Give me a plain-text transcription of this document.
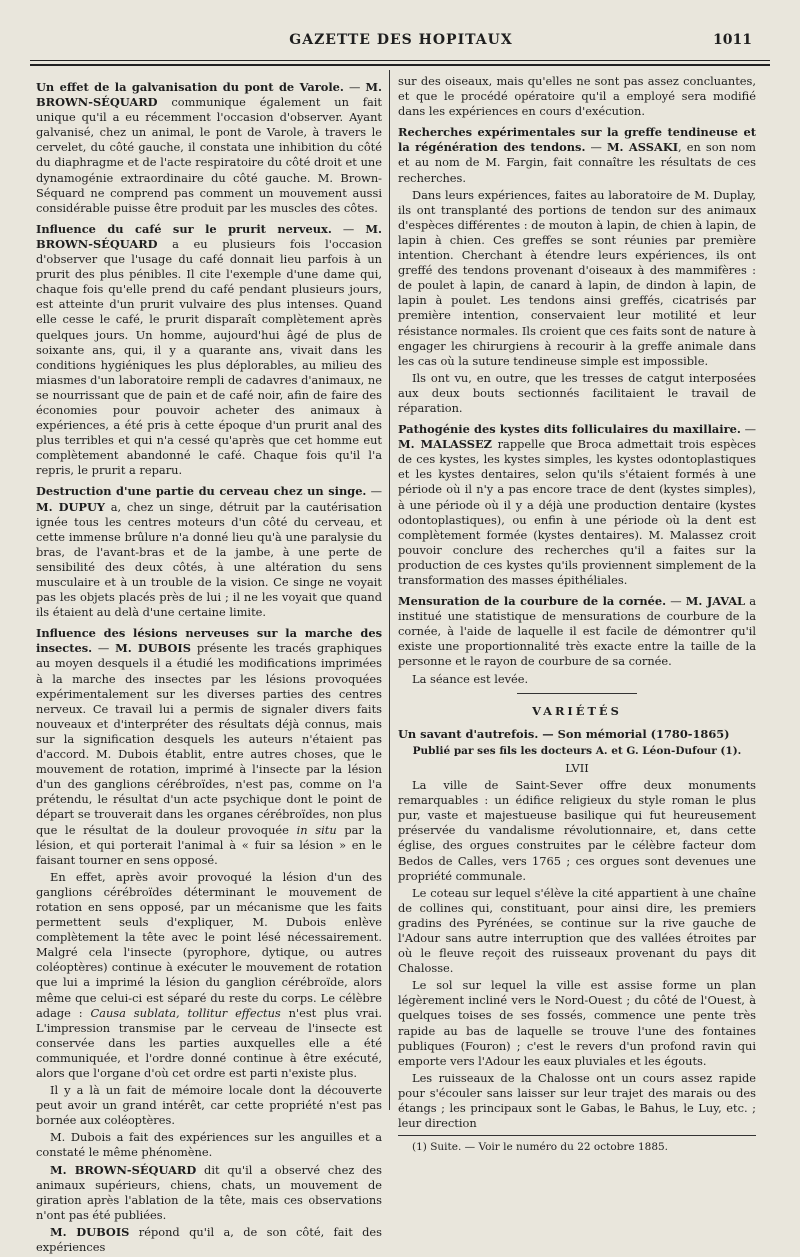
GAZETTE DES HOPITAUX	1011

Un effet de la galvanisation du pont de Varole. — M. BROWN-SÉQUARD communique également un fait unique qu'il a eu récemment l'occasion d'observer. Ayant galvanisé, chez un animal, le pont de Varole, à travers le cervelet, du côté gauche, il constata une inhibition du côté du diaphragme et de l'acte respiratoire du côté droit et une dynamogénie extraordinaire du côté gauche. M. Brown-Séquard ne comprend pas comment un mouvement aussi considérable puisse être produit par les muscles des côtes.

Influence du café sur le prurit nerveux. — M. BROWN-SÉQUARD a eu plusieurs fois l'occasion d'observer que l'usage du café donnait lieu parfois à un prurit des plus pénibles. Il cite l'exemple d'une dame qui, chaque fois qu'elle prend du café pendant plusieurs jours, est atteinte d'un prurit vulvaire des plus intenses. Quand elle cesse le café, le prurit disparaît complètement après quelques jours. Un homme, aujourd'hui âgé de plus de soixante ans, qui, il y a quarante ans, vivait dans les conditions hygiéniques les plus déplorables, au milieu des miasmes d'un laboratoire rempli de cadavres d'animaux, ne se nourrissant que de pain et de café noir, afin de faire des économies pour pouvoir acheter des animaux à expériences, a été pris à cette époque d'un prurit anal des plus terribles et qui n'a cessé qu'après que cet homme eut complètement abandonné le café. Chaque fois qu'il l'a repris, le prurit a reparu.

Destruction d'une partie du cerveau chez un singe. — M. DUPUY a, chez un singe, détruit par la cautérisation ignée tous les centres moteurs d'un côté du cerveau, et cette immense brûlure n'a donné lieu qu'à une paralysie du bras, de l'avant-bras et de la jambe, à une perte de sensibilité des deux côtés, à une altération du sens musculaire et à un trouble de la vision. Ce singe ne voyait pas les objets placés près de lui ; il ne les voyait que quand ils étaient au delà d'une certaine limite.

Influence des lésions nerveuses sur la marche des insectes. — M. DUBOIS présente les tracés graphiques au moyen desquels il a étudié les modifications imprimées à la marche des insectes par les lésions provoquées expérimentalement sur les diverses parties des centres nerveux. Ce travail lui a permis de signaler divers faits nouveaux et d'interpréter des résultats déjà connus, mais sur la signification desquels les auteurs n'étaient pas d'accord. M. Dubois établit, entre autres choses, que le mouvement de rotation, imprimé à l'insecte par la lésion d'un des ganglions cérébroïdes, n'est pas, comme on l'a prétendu, le résultat d'un acte psychique dont le point de départ se trouverait dans les organes cérébroïdes, non plus que le résultat de la douleur provoquée in situ par la lésion, et qui porterait l'animal à « fuir sa lésion » en le faisant tourner en sens opposé.

En effet, après avoir provoqué la lésion d'un des ganglions cérébroïdes déterminant le mouvement de rotation en sens opposé, par un mécanisme que les faits permettent seuls d'expliquer, M. Dubois enlève complètement la tête avec le point lésé nécessairement. Malgré cela l'insecte (pyrophore, dytique, ou autres coléoptères) continue à exécuter le mouvement de rotation que lui a imprimé la lésion du ganglion cérébroïde, alors même que celui-ci est séparé du reste du corps. Le célèbre adage : Causa sublata, tollitur effectus n'est plus vrai. L'impression transmise par le cerveau de l'insecte est conservée dans les parties auxquelles elle a été communiquée, et l'ordre donné continue à être exécuté, alors que l'organe d'où cet ordre est parti n'existe plus.

Il y a là un fait de mémoire locale dont la découverte peut avoir un grand intérêt, car cette propriété n'est pas bornée aux coléoptères.

M. Dubois a fait des expériences sur les anguilles et a constaté le même phénomène.

M. BROWN-SÉQUARD dit qu'il a observé chez des animaux supérieurs, chiens, chats, un mouvement de giration après l'ablation de la tête, mais ces observations n'ont pas été publiées.

M. DUBOIS répond qu'il a, de son côté, fait des expériences

sur des oiseaux, mais qu'elles ne sont pas assez concluantes, et que le procédé opératoire qu'il a employé sera modifié dans les expériences en cours d'exécution.

Recherches expérimentales sur la greffe tendineuse et la régénération des tendons. — M. ASSAKI, en son nom et au nom de M. Fargin, fait connaître les résultats de ces recherches.

Dans leurs expériences, faites au laboratoire de M. Duplay, ils ont transplanté des portions de tendon sur des animaux d'espèces différentes : de mouton à lapin, de chien à lapin, de lapin à chien. Ces greffes se sont réunies par première intention. Cherchant à étendre leurs expériences, ils ont greffé des tendons provenant d'oiseaux à des mammifères : de poulet à lapin, de canard à lapin, de dindon à lapin, de lapin à poulet. Les tendons ainsi greffés, cicatrisés par première intention, conservaient leur motilité et leur résistance normales. Ils croient que ces faits sont de nature à engager les chirurgiens à recourir à la greffe animale dans les cas où la suture tendineuse simple est impossible.

Ils ont vu, en outre, que les tresses de catgut interposées aux deux bouts sectionnés facilitaient le travail de réparation.

Pathogénie des kystes dits folliculaires du maxillaire. — M. MALASSEZ rappelle que Broca admettait trois espèces de ces kystes, les kystes simples, les kystes odontoplastiques et les kystes dentaires, selon qu'ils s'étaient formés à une période où il n'y a pas encore trace de dent (kystes simples), à une période où il y a déjà une production dentaire (kystes odontoplastiques), ou enfin à une période où la dent est complètement formée (kystes dentaires). M. Malassez croit pouvoir conclure des recherches qu'il a faites sur la production de ces kystes qu'ils proviennent simplement de la transformation des masses épithéliales.

Mensuration de la courbure de la cornée. — M. JAVAL a institué une statistique de mensurations de courbure de la cornée, à l'aide de laquelle il est facile de démontrer qu'il existe une proportionnalité très exacte entre la taille de la personne et le rayon de courbure de sa cornée.

La séance est levée.

VARIÉTÉS

Un savant d'autrefois. — Son mémorial (1780-1865)

Publié par ses fils les docteurs A. et G. Léon-Dufour (1).

LVII

La ville de Saint-Sever offre deux monuments remarquables : un édifice religieux du style roman le plus pur, vaste et majestueuse basilique qui fut heureusement préservée du vandalisme révolutionnaire, et, dans cette église, des orgues construites par le célèbre facteur dom Bedos de Calles, vers 1765 ; ces orgues sont devenues une propriété communale.

Le coteau sur lequel s'élève la cité appartient à une chaîne de collines qui, constituant, pour ainsi dire, les premiers gradins des Pyrénées, se continue sur la rive gauche de l'Adour sans autre interruption que des vallées étroites par où le fleuve reçoit des ruisseaux provenant du pays dit Chalosse.

Le sol sur lequel la ville est assise forme un plan légèrement incliné vers le Nord-Ouest ; du côté de l'Ouest, à quelques toises de ses fossés, commence une pente très rapide au bas de laquelle se trouve l'une des fontaines publiques (Fouron) ; c'est le revers d'un profond ravin qui emporte vers l'Adour les eaux pluviales et les égouts.

Les ruisseaux de la Chalosse ont un cours assez rapide pour s'écouler sans laisser sur leur trajet des marais ou des étangs ; les principaux sont le Gabas, le Bahus, le Luy, etc. ; leur direction

(1) Suite. — Voir le numéro du 22 octobre 1885.
